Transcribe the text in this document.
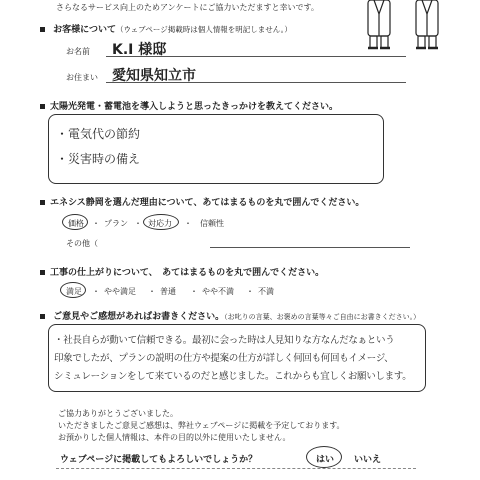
さらなるサービス向上のためアンケートにご協力いただますと幸いです。
お客様について（ウェブページ掲載時は個人情報を明記しません。）
お名前 K.I 様邸
お住まい 愛知県知立市
太陽光発電・蓄電池を導入しようと思ったきっかけを教えてください。
・電気代の節約
・災害時の備え
エネシス静岡を選んだ理由について、あてはまるものを丸で囲んでください。
価格 ・ プラン ・ 対応力 ・ 信頼性
その他（
工事の仕上がりについて、　あてはまるものを丸で囲んでください。
満足 ・ やや満足 ・ 普通 ・ やや不満 ・ 不満
ご意見やご感想があればお書きください。（お叱りの言葉、お褒めの言葉等々ご自由にお書きください。）
・社長自らが動いて信頼できる。最初に会った時は人見知りな方なんだなぁという
印象でしたが、プランの説明の仕方や提案の仕方が詳しく何回も何回もイメージ、
シミュレーションをして来ているのだと感じました。これからも宜しくお願いします。
ご協力ありがとうございました。
いただきましたご意見ご感想は、弊社ウェブページに掲載を予定しております。
お預かりした個人情報は、本件の目的以外に使用いたしません。
ウェブページに掲載してもよろしいでしょうか？	はい いいえ
